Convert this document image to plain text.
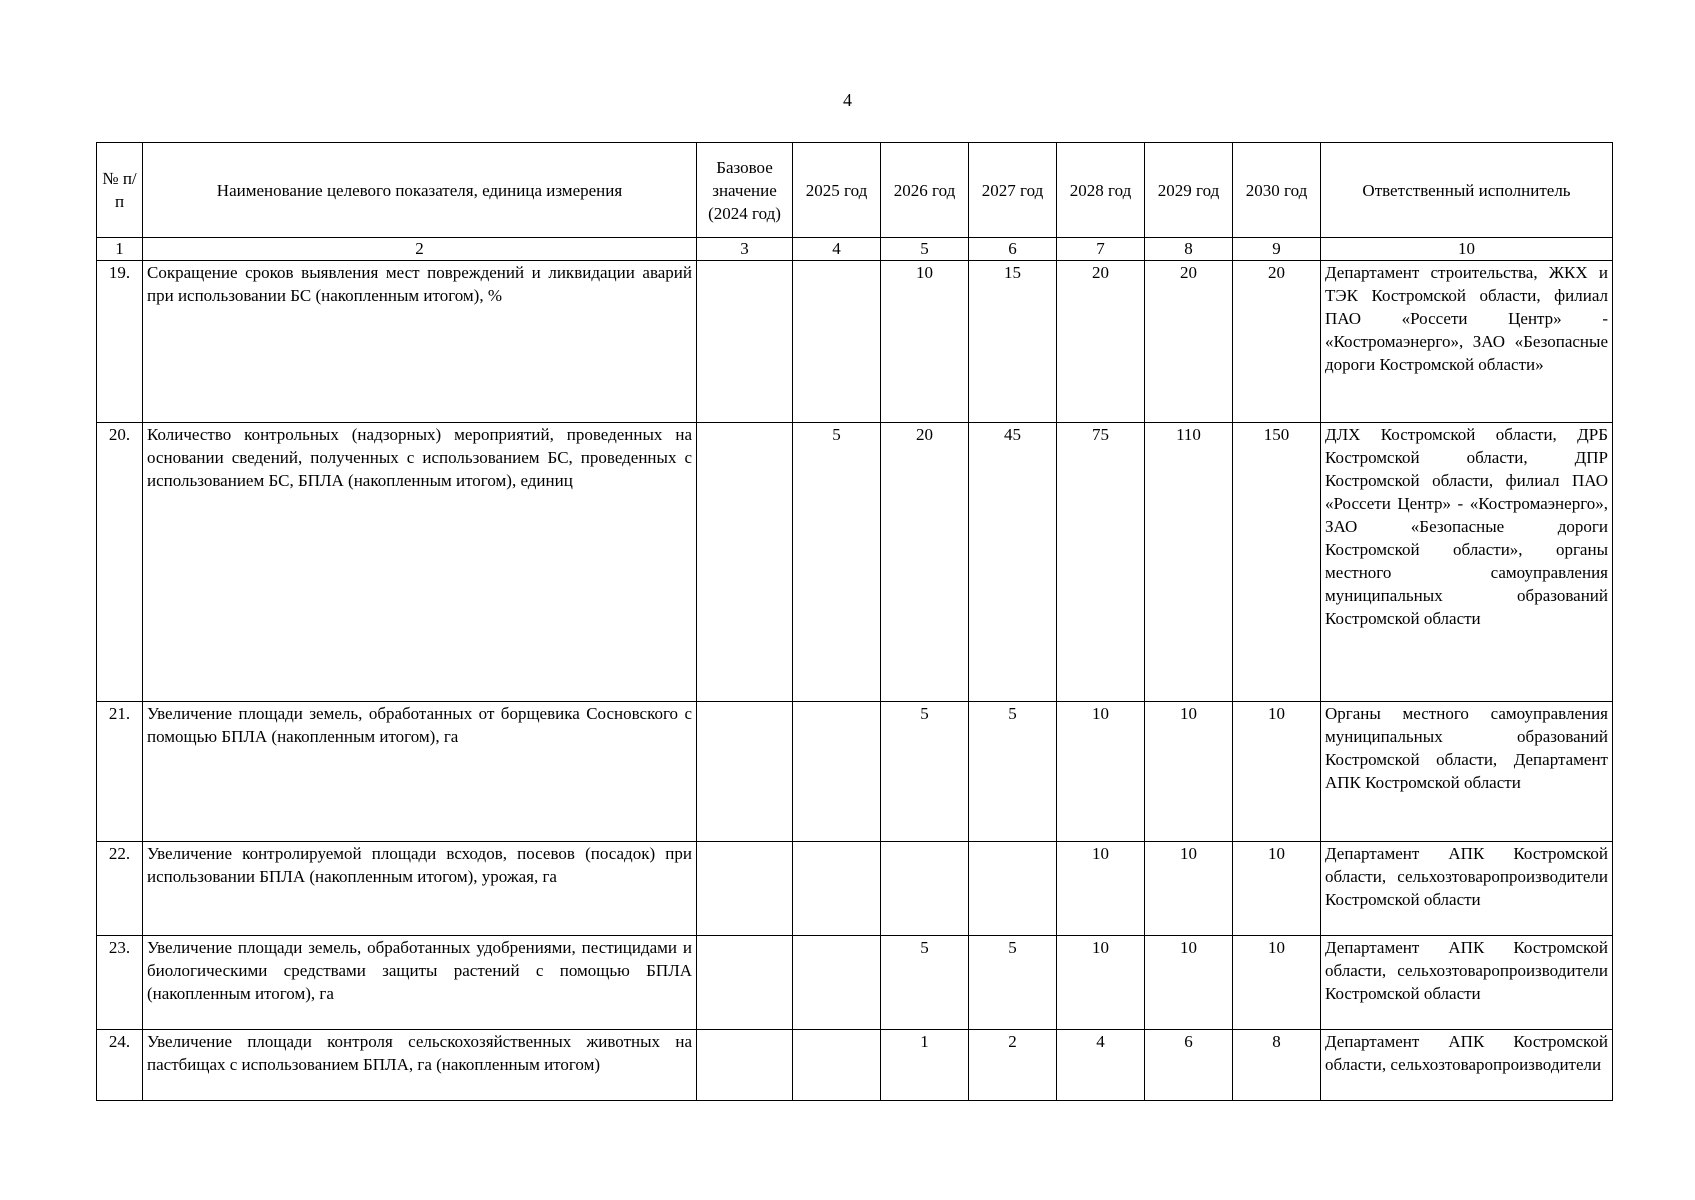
4
№ п/п	Наименование целевого показателя, единица измерения	Базовое значение (2024 год)	2025 год	2026 год	2027 год	2028 год	2029 год	2030 год	Ответственный исполнитель
1	2	3	4	5	6	7	8	9	10
19.	Сокращение сроков выявления мест повреждений и ликвидации аварий при использовании БС (накопленным итогом), %			10	15	20	20	20	Департамент строительства, ЖКХ и ТЭК Костромской области, филиал ПАО «Россети Центр» - «Костромаэнерго», ЗАО «Безопасные дороги Костромской области»
20.	Количество контрольных (надзорных) мероприятий, проведенных на основании сведений, полученных с использованием БС, проведенных с использованием БС, БПЛА (накопленным итогом), единиц		5	20	45	75	110	150	ДЛХ Костромской области, ДРБ Костромской области, ДПР Костромской области, филиал ПАО «Россети Центр» - «Костромаэнерго», ЗАО «Безопасные дороги Костромской области», органы местного самоуправления муниципальных образований Костромской области
21.	Увеличение площади земель, обработанных от борщевика Сосновского с помощью БПЛА (накопленным итогом), га			5	5	10	10	10	Органы местного самоуправления муниципальных образований Костромской области, Департамент АПК Костромской области
22.	Увеличение контролируемой площади всходов, посевов (посадок) при использовании БПЛА (накопленным итогом), урожая, га					10	10	10	Департамент АПК Костромской области, сельхозтоваропроизводители Костромской области
23.	Увеличение площади земель, обработанных удобрениями, пестицидами и биологическими средствами защиты растений с помощью БПЛА (накопленным итогом), га			5	5	10	10	10	Департамент АПК Костромской области, сельхозтоваропроизводители Костромской области
24.	Увеличение площади контроля сельскохозяйственных животных на пастбищах с использованием БПЛА, га (накопленным итогом)			1	2	4	6	8	Департамент АПК Костромской области, сельхозтоваропроизводители
